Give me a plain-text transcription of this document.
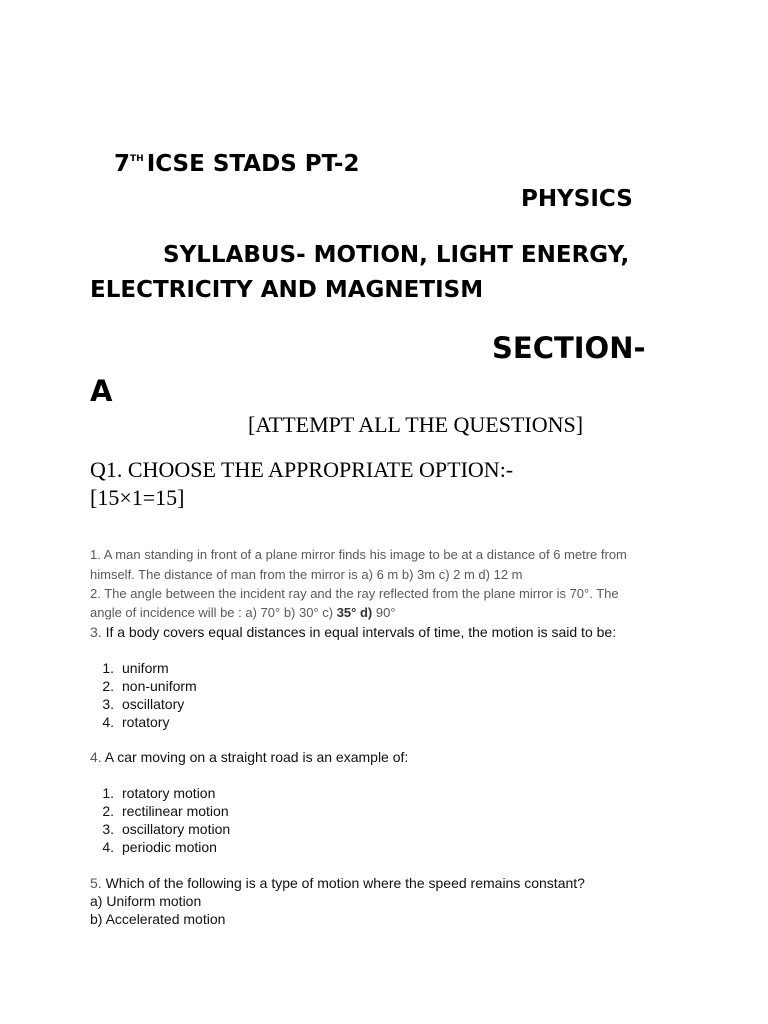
7TH ICSE STADS PT-2
PHYSICS
SYLLABUS- MOTION, LIGHT ENERGY,
ELECTRICITY AND MAGNETISM
SECTION-
A
[ATTEMPT ALL THE QUESTIONS]
Q1. CHOOSE THE APPROPRIATE OPTION:-
[15×1=15]
1. A man standing in front of a plane mirror finds his image to be at a distance of 6 metre from
himself. The distance of man from the mirror is a) 6 m b) 3m c) 2 m d) 12 m
2. The angle between the incident ray and the ray reflected from the plane mirror is 70°. The
angle of incidence will be : a) 70° b) 30° c) 35° d) 90°
3. If a body covers equal distances in equal intervals of time, the motion is said to be:
1. uniform
2. non-uniform
3. oscillatory
4. rotatory
4. A car moving on a straight road is an example of:
1. rotatory motion
2. rectilinear motion
3. oscillatory motion
4. periodic motion
5. Which of the following is a type of motion where the speed remains constant?
a) Uniform motion
b) Accelerated motion
